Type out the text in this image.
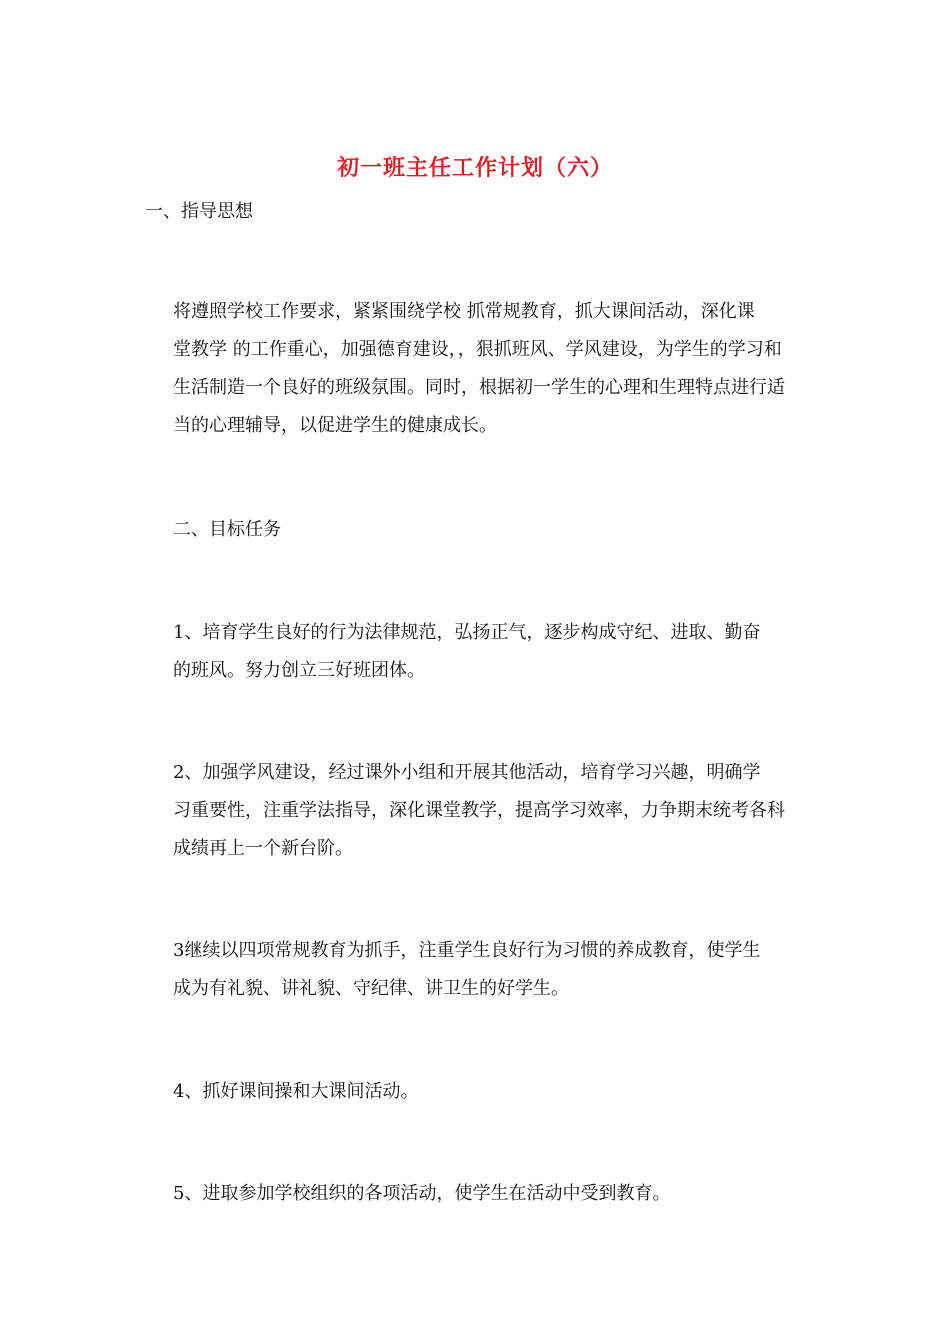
初一班主任工作计划（六）

一、指导思想

将遵照学校工作要求，紧紧围绕学校 抓常规教育，抓大课间活动，深化课
堂教学 的工作重心，加强德育建设，，狠抓班风、学风建设，为学生的学习和
生活制造一个良好的班级氛围。同时，根据初一学生的心理和生理特点进行适
当的心理辅导，以促进学生的健康成长。

二、目标任务

1、培育学生良好的行为法律规范，弘扬正气，逐步构成守纪、进取、勤奋
的班风。努力创立三好班团体。

2、加强学风建设，经过课外小组和开展其他活动，培育学习兴趣，明确学
习重要性，注重学法指导，深化课堂教学，提高学习效率，力争期末统考各科
成绩再上一个新台阶。

3继续以四项常规教育为抓手，注重学生良好行为习惯的养成教育，使学生
成为有礼貌、讲礼貌、守纪律、讲卫生的好学生。

4、抓好课间操和大课间活动。

5、进取参加学校组织的各项活动，使学生在活动中受到教育。
